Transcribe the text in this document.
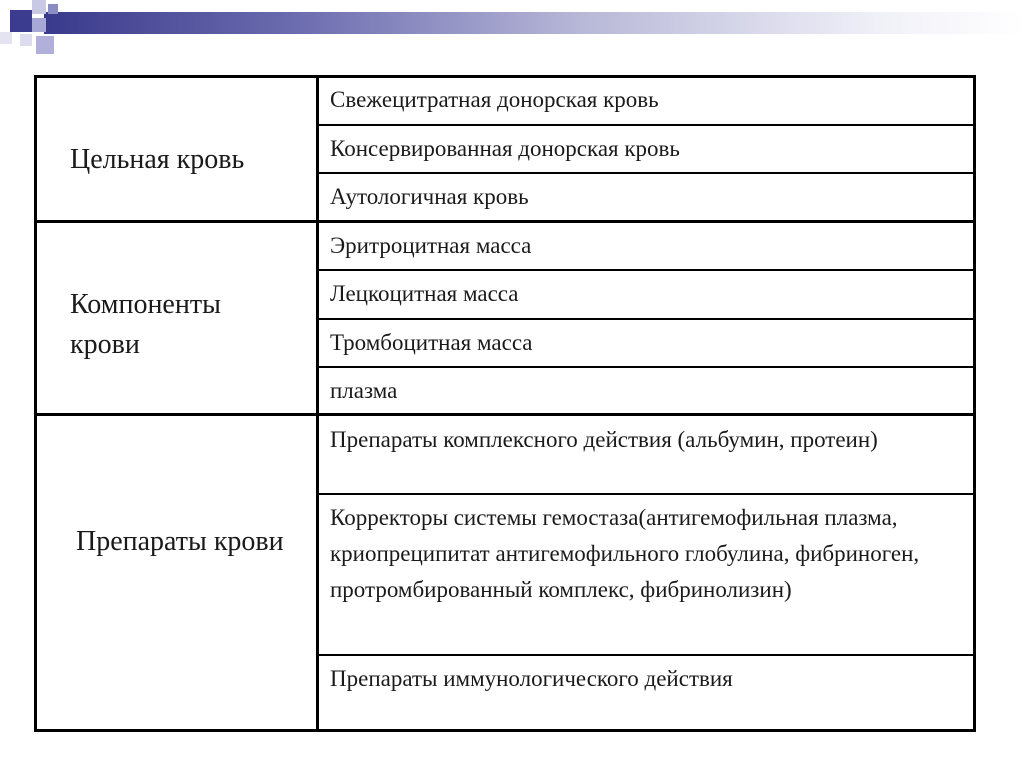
Цельная кровь
Свежецитратная донорская кровь
Консервированная донорская кровь
Аутологичная кровь
Компоненты крови
Эритроцитная масса
Лецкоцитная масса
Тромбоцитная масса
плазма
Препараты крови
Препараты комплексного действия (альбумин, протеин)
Корректоры системы гемостаза(антигемофильная плазма, криопреципитат антигемофильного глобулина, фибриноген, протромбированный комплекс, фибринолизин)
Препараты иммунологического действия
